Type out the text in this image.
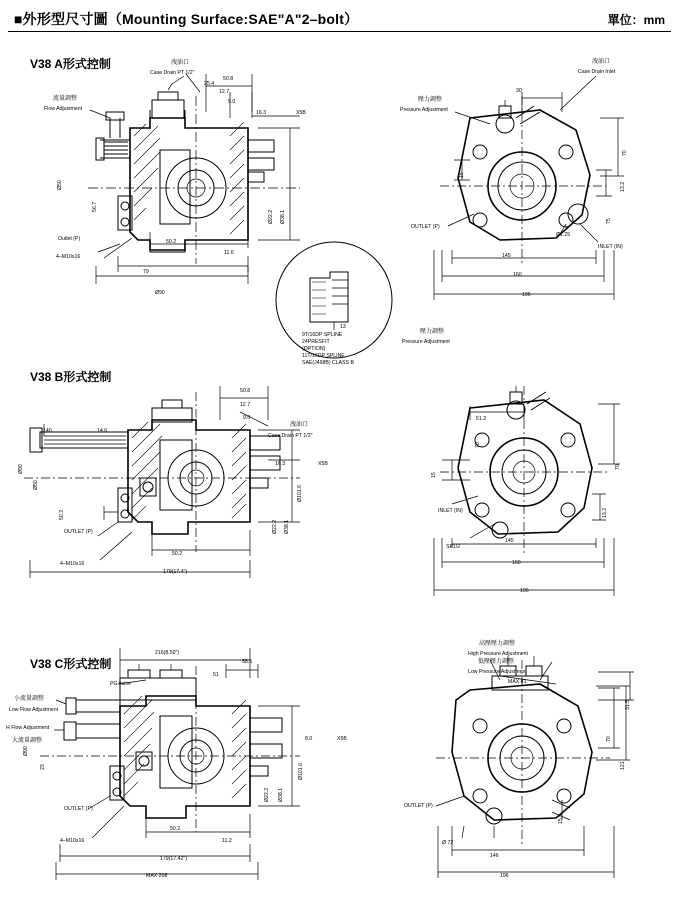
■外形型尺寸圖（Mounting Surface:SAE"A"2–bolt）	單位：mm
V38 A形式控制
V38 B形式控制
V38 C形式控制
洩油口
Case Drain PT 1/2"
流量調整
Flow Adjustment
壓力調整
Pressure Adjustment
洩油口
Case Drain Inlet
OUTLET (P)
INLET (IN)
Outlet (P)
4–M10x16
50.8
12.7
9.0
25.4
16.3	X5B
Ø22.2 Ø38.1
Ø50
56.7
50.2
11.6
79
Ø90
30
13.2
70
15
75
Ø1.25
145
160
196
9T/16DP SPLINE
24PRESFIT
(OPTION)
11T/16DP SPLINE
SAE(J498B) CLASS B
13
洩油口
Case Drain PT 1/2"
壓力調整
Pressure Adjustment
OUTLET (P)
4–M10x16
INLET (IN)
SP1/2
50.8
140	14.6
12.7
9.0
16.3	X5B
Ø90
Ø50
50.2
Ø101.6
Ø22.2 Ø38.1
50.2
179(17.4")
51.2
70
13.2
70
15
145
160
196
小流量調整
Low Flow Adjustment
H Flow Adjustment
大流量調整
PG valve
高壓壓力調整
High Pressure Adjustment
低壓壓力調整
Low Pressure Adjustment
OUTLET (P)
4–M10x16
OUTLET (P)
MAX 81
216(8.50")
58.5
51
Ø90
23	Ø101.6
Ø22.2 Ø38.1
8.0	X5B
50.2
11.2
179(17.42")
MAX 208
70
121
31.5
15.5
Ø 72
146
196
